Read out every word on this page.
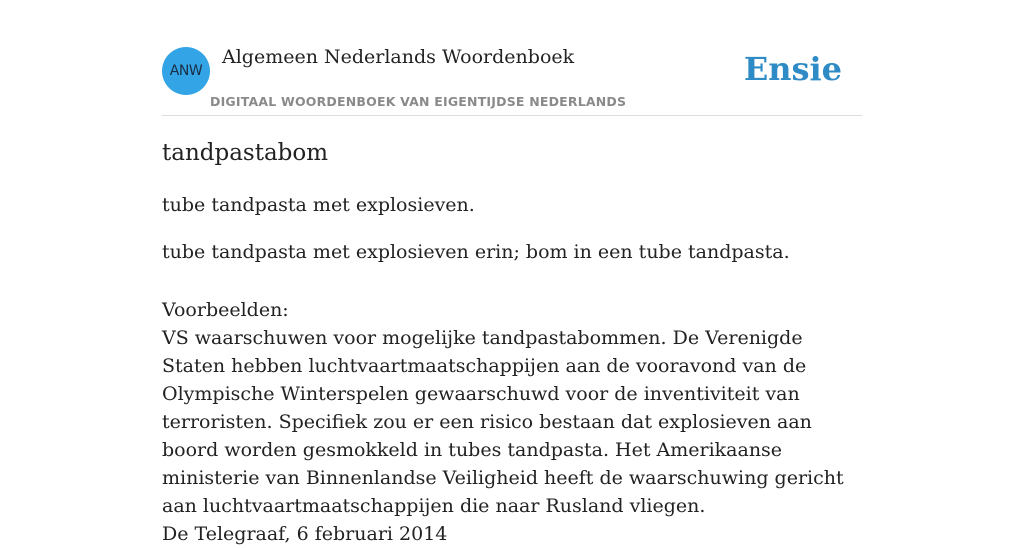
ANW
Algemeen Nederlands Woordenboek
DIGITAAL WOORDENBOEK VAN EIGENTIJDSE NEDERLANDS
Ensie
tandpastabom
tube tandpasta met explosieven.
tube tandpasta met explosieven erin; bom in een tube tandpasta.
Voorbeelden:
VS waarschuwen voor mogelijke tandpastabommen. De Verenigde Staten hebben luchtvaartmaatschappijen aan de vooravond van de Olympische Winterspelen gewaarschuwd voor de inventiviteit van terroristen. Specifiek zou er een risico bestaan dat explosieven aan boord worden gesmokkeld in tubes tandpasta. Het Amerikaanse ministerie van Binnenlandse Veiligheid heeft de waarschuwing gericht aan luchtvaartmaatschappijen die naar Rusland vliegen.
De Telegraaf, 6 februari 2014
